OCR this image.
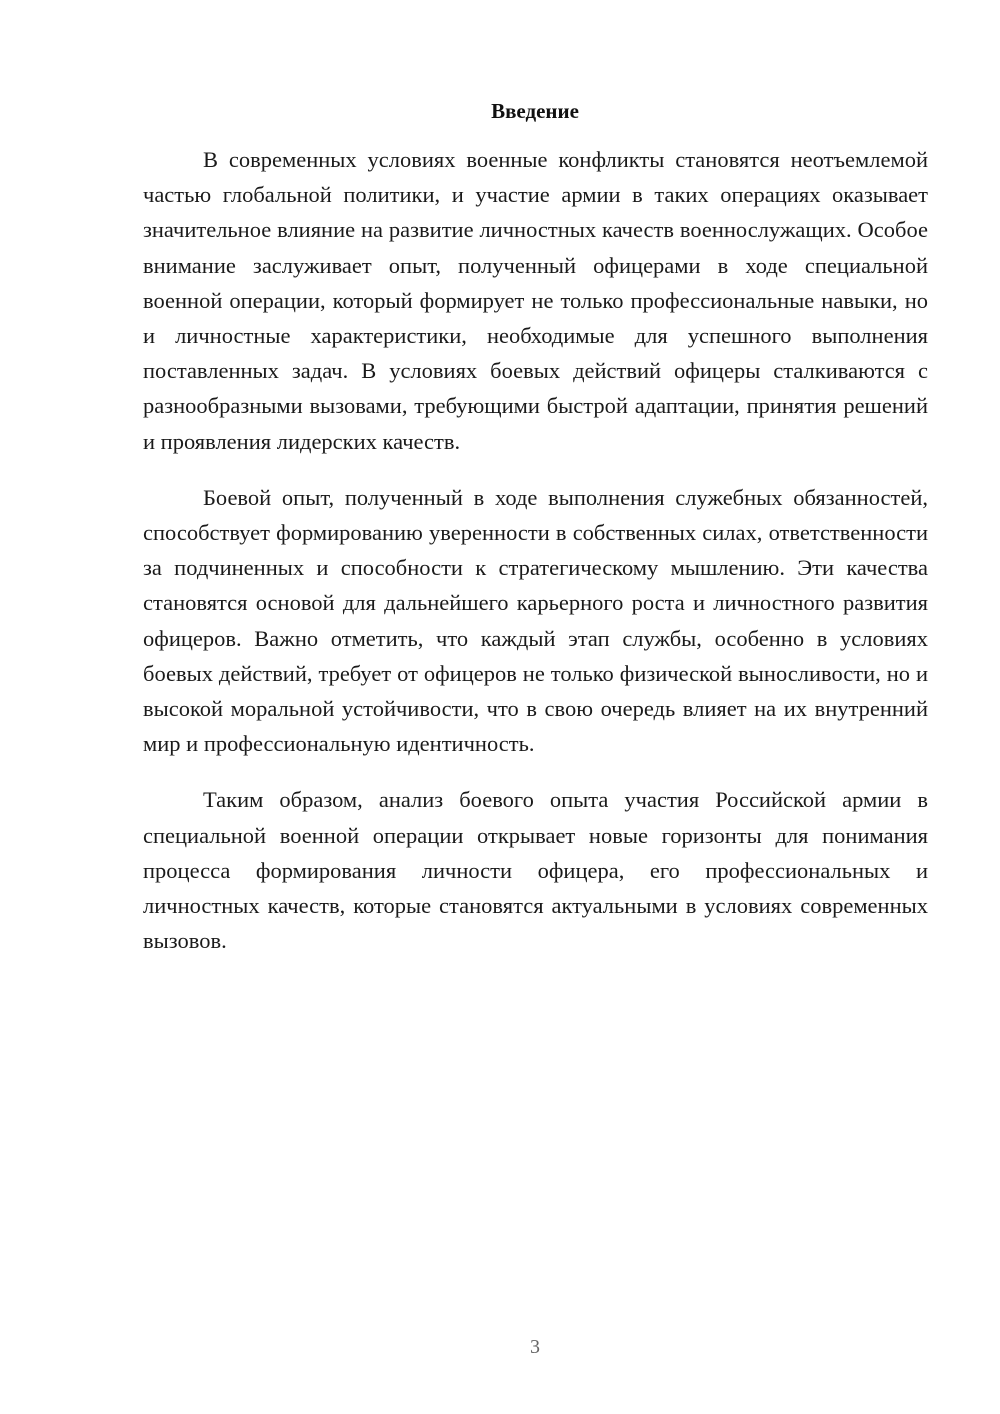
Введение

В современных условиях военные конфликты становятся неотъемлемой частью глобальной политики, и участие армии в таких операциях оказывает значительное влияние на развитие личностных качеств военнослужащих. Особое внимание заслуживает опыт, полученный офицерами в ходе специальной военной операции, который формирует не только профессиональные навыки, но и личностные характеристики, необходимые для успешного выполнения поставленных задач. В условиях боевых действий офицеры сталкиваются с разнообразными вызовами, требующими быстрой адаптации, принятия решений и проявления лидерских качеств.

Боевой опыт, полученный в ходе выполнения служебных обязанностей, способствует формированию уверенности в собственных силах, ответственности за подчиненных и способности к стратегическому мышлению. Эти качества становятся основой для дальнейшего карьерного роста и личностного развития офицеров. Важно отметить, что каждый этап службы, особенно в условиях боевых действий, требует от офицеров не только физической выносливости, но и высокой моральной устойчивости, что в свою очередь влияет на их внутренний мир и профессиональную идентичность.

Таким образом, анализ боевого опыта участия Российской армии в специальной военной операции открывает новые горизонты для понимания процесса формирования личности офицера, его профессиональных и личностных качеств, которые становятся актуальными в условиях современных вызовов.

3
